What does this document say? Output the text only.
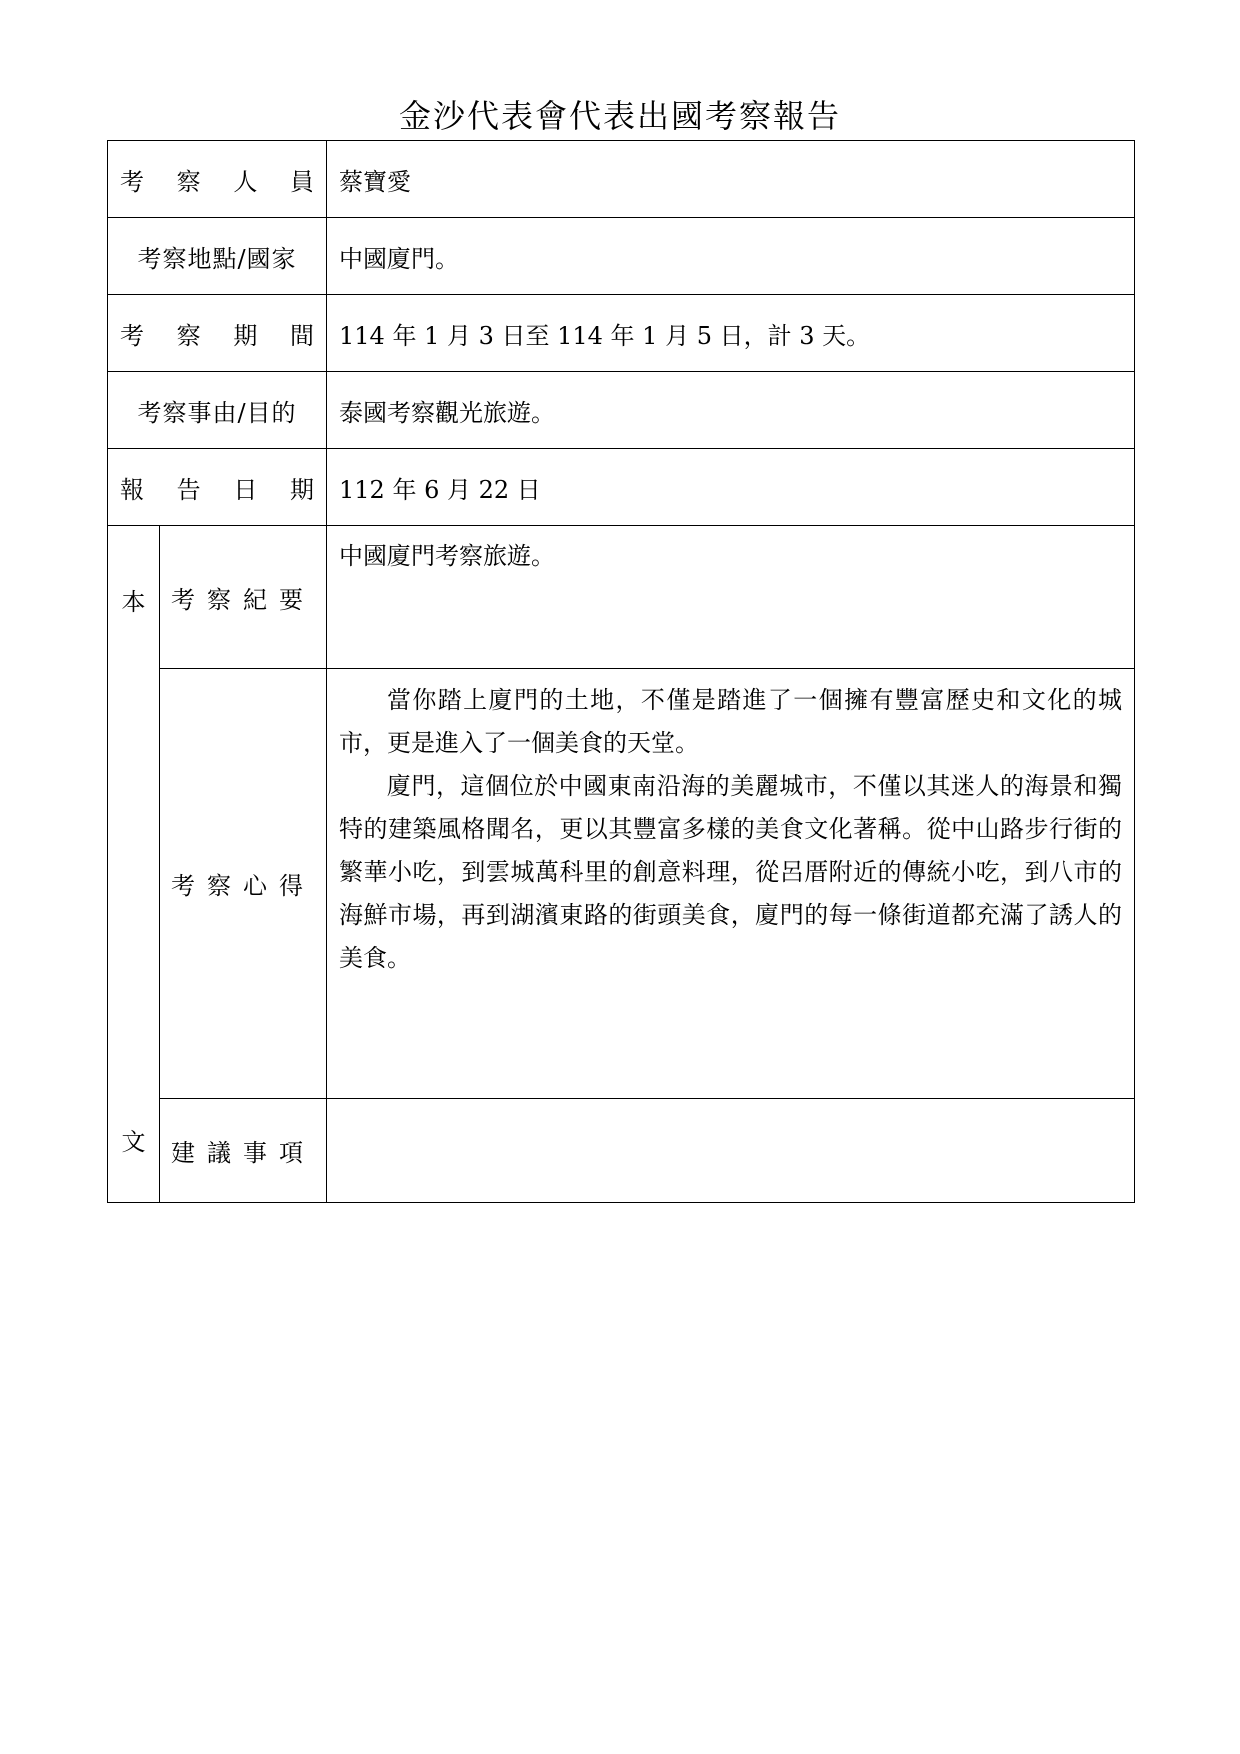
金沙代表會代表出國考察報告
考察人員		蔡寶愛
考察地點/國家		中國廈門。
考察期間		114 年 1 月 3 日至 114 年 1 月 5 日，計 3 天。
考察事由/目的		泰國考察觀光旅遊。
報告日期		112 年 6 月 22 日

本
文	考察紀要	中國廈門考察旅遊。
	考察心得	當你踏上廈門的土地，不僅是踏進了一個擁有豐富歷史和文化的城市，更是進入了一個美食的天堂。

廈門，這個位於中國東南沿海的美麗城市，不僅以其迷人的海景和獨特的建築風格聞名，更以其豐富多樣的美食文化著稱。從中山路步行街的繁華小吃，到雲城萬科里的創意料理，從呂厝附近的傳統小吃，到八市的海鮮市場，再到湖濱東路的街頭美食，廈門的每一條街道都充滿了誘人的美食。

	建議事項	
